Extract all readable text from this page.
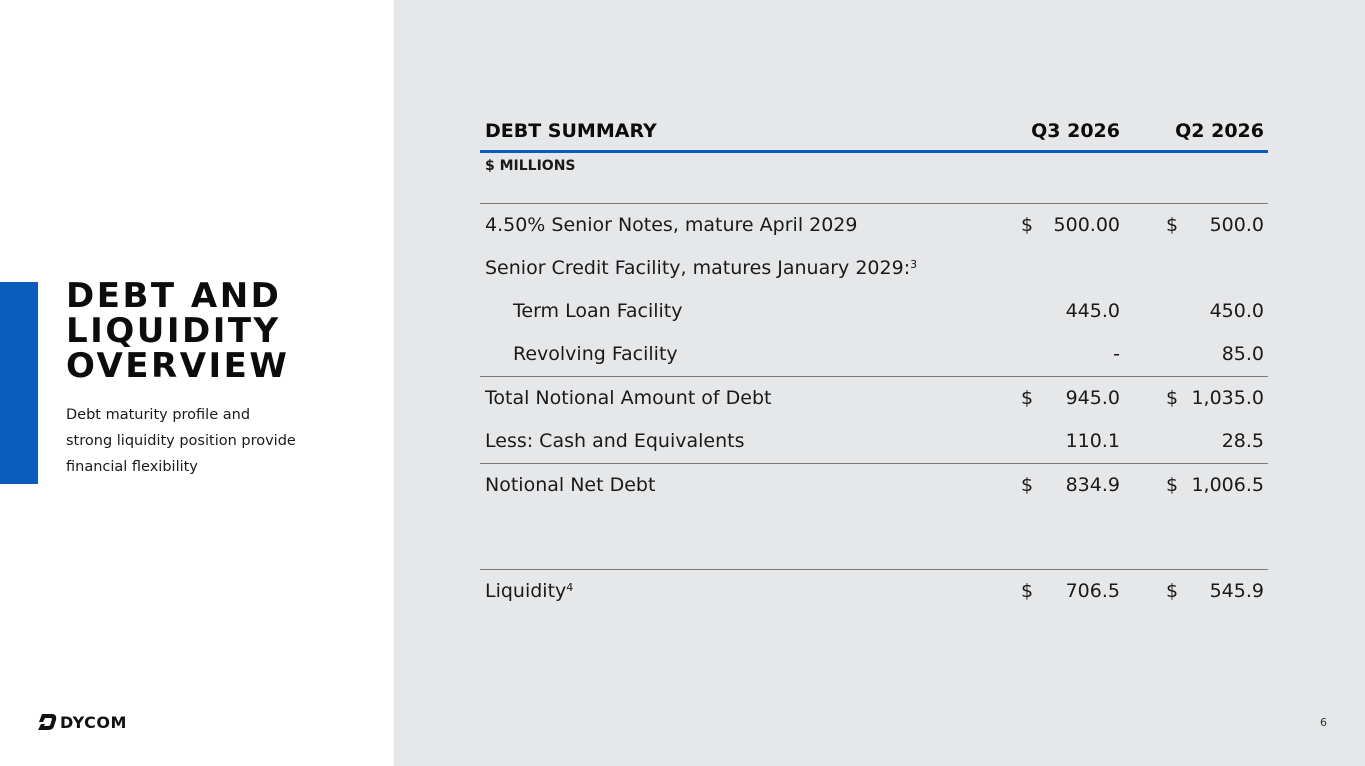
DEBT AND
LIQUIDITY
OVERVIEW
Debt maturity profile and
strong liquidity position provide
financial flexibility
DYCOM	6
DEBT SUMMARY	Q3 2026	Q2 2026
$ MILLIONS
4.50% Senior Notes, mature April 2029	$ 500.00 $ 500.0
Senior Credit Facility, matures January 2029:$^3$
Term Loan Facility	445.0	450.0
Revolving Facility	-	85.0
Total Notional Amount of Debt	$ 945.0 $ 1,035.0
Less: Cash and Equivalents	110.1	28.5
Notional Net Debt	$ 834.9 $ 1,006.5
Liquidity$^4$	$ 706.5 $ 545.9
